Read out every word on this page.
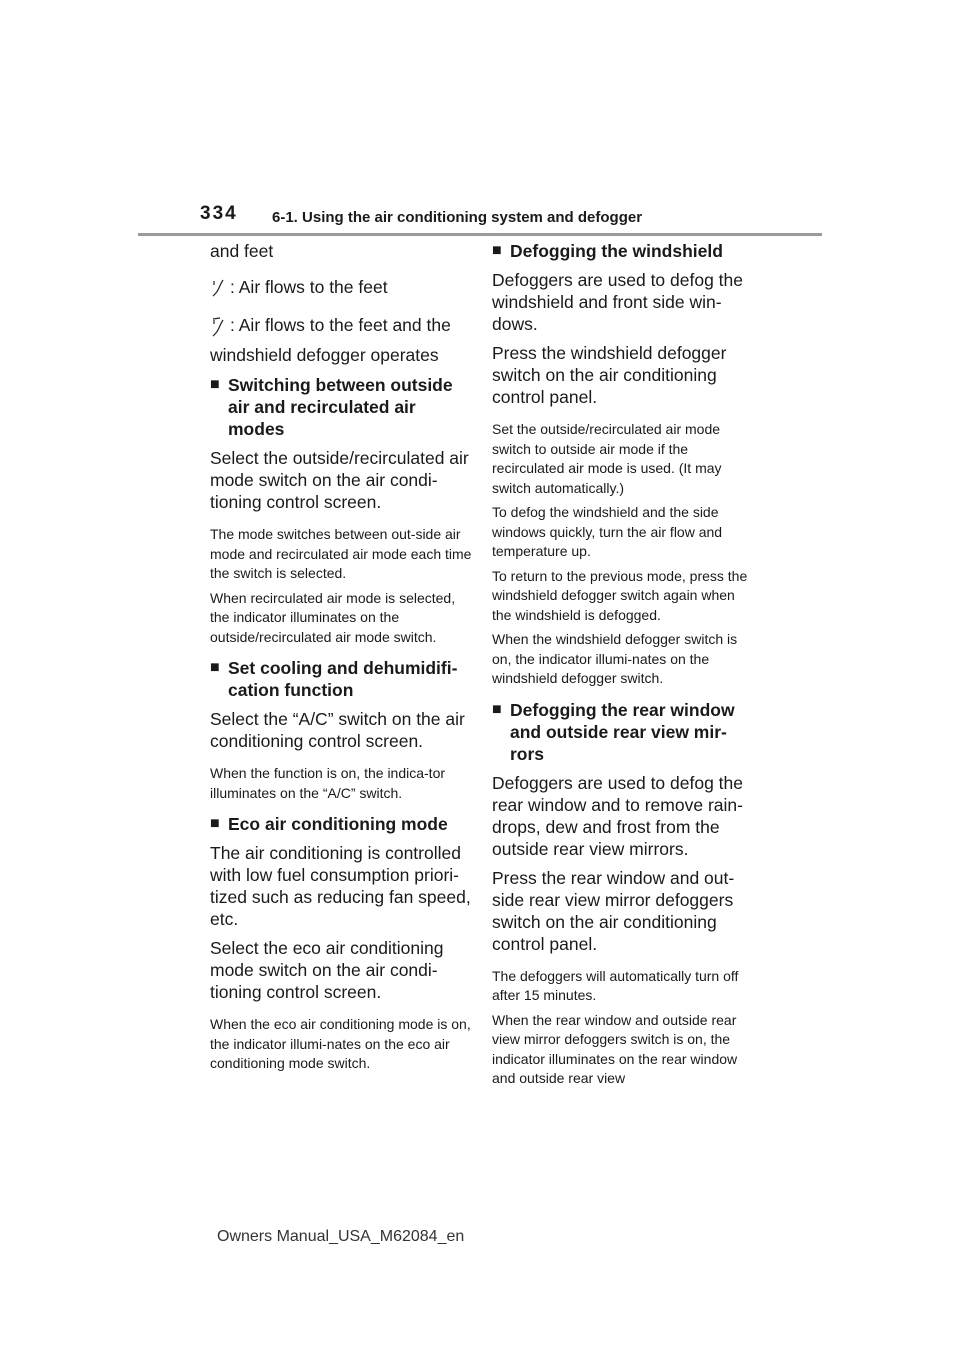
334 6-1. Using the air conditioning system and defogger

and feet

: Air flows to the feet
: Air flows to the feet and the

windshield defogger operates

■ Switching between outside air and recirculated air modes

Select the outside/recirculated air mode switch on the air condi-tioning control screen.

The mode switches between out-side air mode and recirculated air mode each time the switch is selected.

When recirculated air mode is selected, the indicator illuminates on the outside/recirculated air mode switch.

■ Set cooling and dehumidifi-cation function

Select the “A/C” switch on the air conditioning control screen.

When the function is on, the indica-tor illuminates on the “A/C” switch.

■ Eco air conditioning mode

The air conditioning is controlled with low fuel consumption priori-tized such as reducing fan speed, etc.

Select the eco air conditioning mode switch on the air condi-tioning control screen.

When the eco air conditioning mode is on, the indicator illumi-nates on the eco air conditioning mode switch.

■ Defogging the windshield

Defoggers are used to defog the windshield and front side win-dows.

Press the windshield defogger switch on the air conditioning control panel.

Set the outside/recirculated air mode switch to outside air mode if the recirculated air mode is used. (It may switch automatically.)

To defog the windshield and the side windows quickly, turn the air flow and temperature up.

To return to the previous mode, press the windshield defogger switch again when the windshield is defogged.

When the windshield defogger switch is on, the indicator illumi-nates on the windshield defogger switch.

■ Defogging the rear window and outside rear view mir-rors

Defoggers are used to defog the rear window and to remove rain-drops, dew and frost from the outside rear view mirrors.

Press the rear window and out-side rear view mirror defoggers switch on the air conditioning control panel.

The defoggers will automatically turn off after 15 minutes.

When the rear window and outside rear view mirror defoggers switch is on, the indicator illuminates on the rear window and outside rear view

Owners Manual_USA_M62084_en
